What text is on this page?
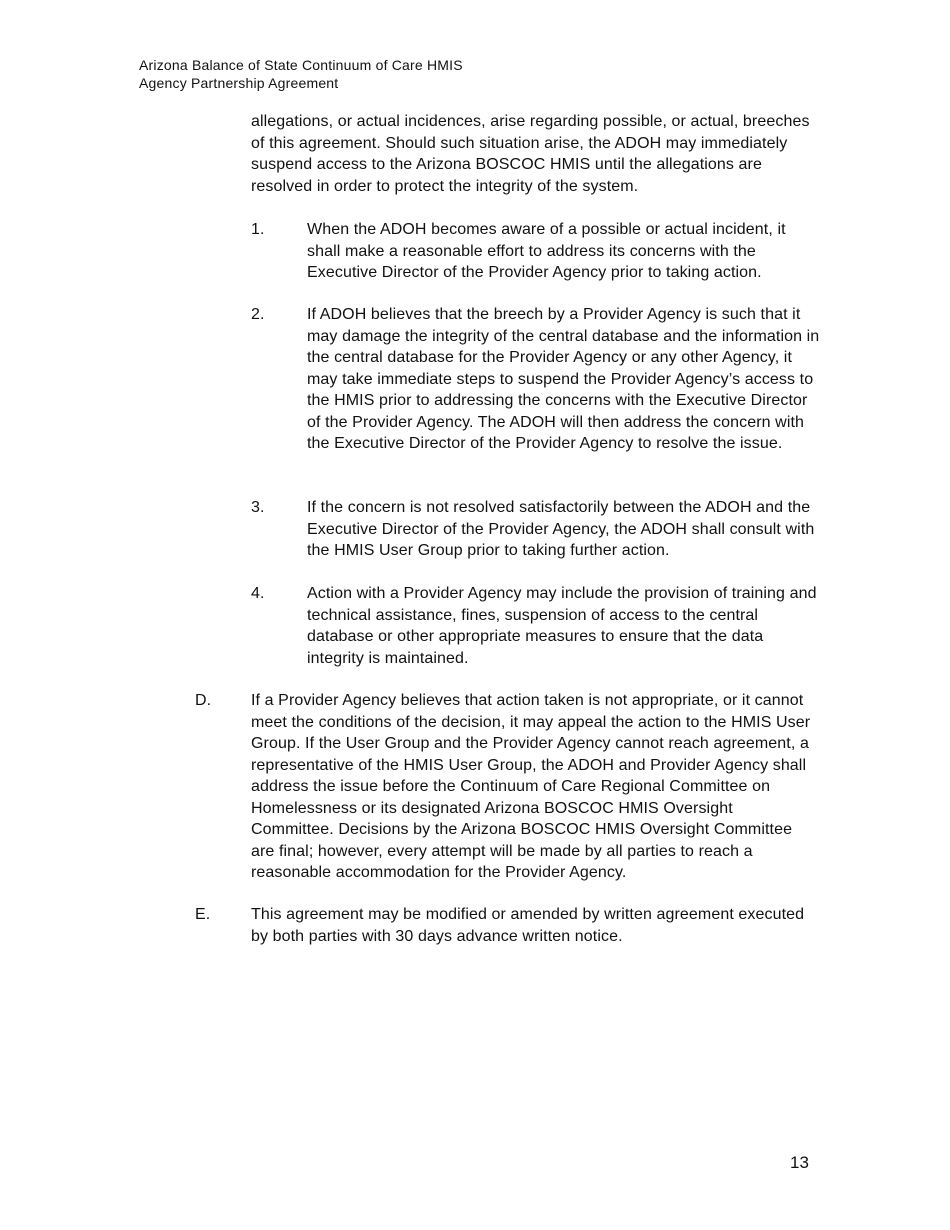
Arizona Balance of State Continuum of Care HMIS
Agency Partnership Agreement
allegations, or actual incidences, arise regarding possible, or actual, breeches of this agreement. Should such situation arise, the ADOH may immediately suspend access to the Arizona BOSCOC HMIS until the allegations are resolved in order to protect the integrity of the system.
1.	When the ADOH becomes aware of a possible or actual incident, it shall make a reasonable effort to address its concerns with the Executive Director of the Provider Agency prior to taking action.
2.	If ADOH believes that the breech by a Provider Agency is such that it may damage the integrity of the central database and the information in the central database for the Provider Agency or any other Agency, it may take immediate steps to suspend the Provider Agency’s access to the HMIS prior to addressing the concerns with the Executive Director of the Provider Agency. The ADOH will then address the concern with the Executive Director of the Provider Agency to resolve the issue.
3.	If the concern is not resolved satisfactorily between the ADOH and the Executive Director of the Provider Agency, the ADOH shall consult with the HMIS User Group prior to taking further action.
4.	Action with a Provider Agency may include the provision of training and technical assistance, fines, suspension of access to the central database or other appropriate measures to ensure that the data integrity is maintained.
D. If a Provider Agency believes that action taken is not appropriate, or it cannot meet the conditions of the decision, it may appeal the action to the HMIS User Group. If the User Group and the Provider Agency cannot reach agreement, a representative of the HMIS User Group, the ADOH and Provider Agency shall address the issue before the Continuum of Care Regional Committee on Homelessness or its designated Arizona BOSCOC HMIS Oversight Committee. Decisions by the Arizona BOSCOC HMIS Oversight Committee are final; however, every attempt will be made by all parties to reach a reasonable accommodation for the Provider Agency.
E.	This agreement may be modified or amended by written agreement executed by both parties with 30 days advance written notice.
13
